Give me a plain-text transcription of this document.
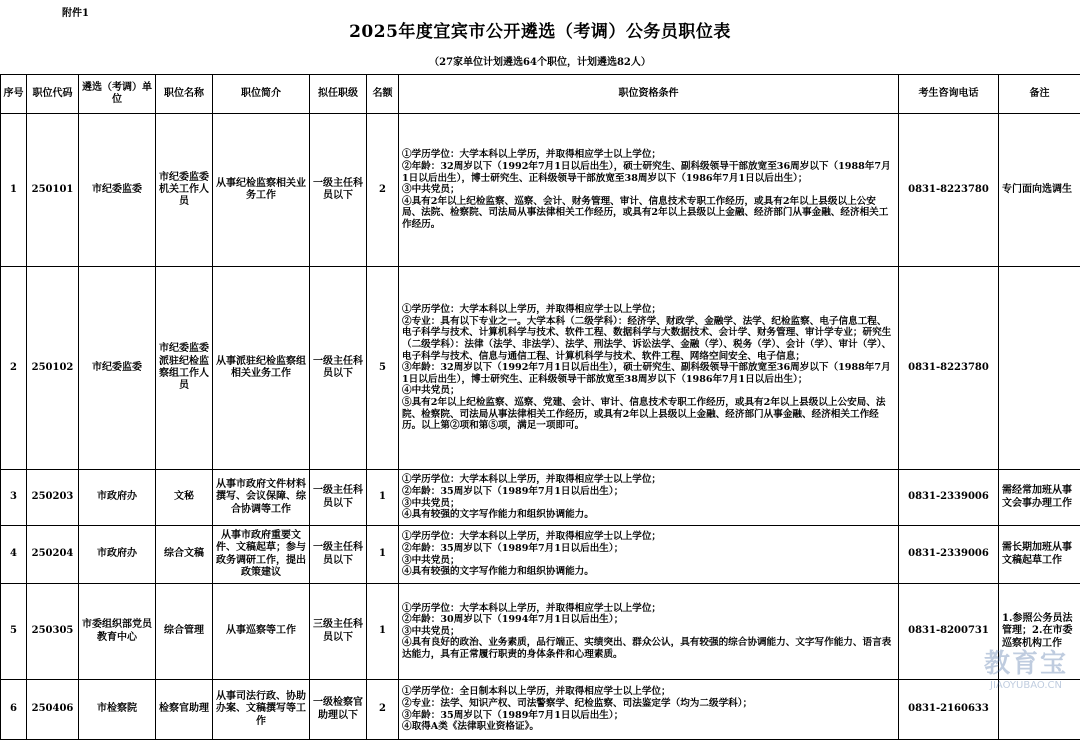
附件1
2025年度宜宾市公开遴选（考调）公务员职位表
（27家单位计划遴选64个职位，计划遴选82人）
序号	职位代码	遴选（考调）单位	职位名称	职位简介	拟任职级	名额	职位资格条件	考生咨询电话	备注
1	250101	市纪委监委	市纪委监委机关工作人员	从事纪检监察相关业务工作	一级主任科员以下	2	①学历学位：大学本科以上学历，并取得相应学士以上学位；
②年龄：32周岁以下（1992年7月1日以后出生），硕士研究生、副科级领导干部放宽至36周岁以下（1988年7月1日以后出生），博士研究生、正科级领导干部放宽至38周岁以下（1986年7月1日以后出生）；
③中共党员；
④具有2年以上纪检监察、巡察、会计、财务管理、审计、信息技术专职工作经历，或具有2年以上县级以上公安局、法院、检察院、司法局从事法律相关工作经历，或具有2年以上县级以上金融、经济部门从事金融、经济相关工作经历。	0831-8223780	专门面向选调生
2	250102	市纪委监委	市纪委监委派驻纪检监察组工作人员	从事派驻纪检监察组相关业务工作	一级主任科员以下	5	①学历学位：大学本科以上学历，并取得相应学士以上学位；
②专业：具有以下专业之一。大学本科（二级学科）：经济学、财政学、金融学、法学、纪检监察、电子信息工程、电子科学与技术、计算机科学与技术、软件工程、数据科学与大数据技术、会计学、财务管理、审计学专业；研究生（二级学科）：法律（法学、非法学）、法学、刑法学、诉讼法学、金融（学）、税务（学）、会计（学）、审计（学）、电子科学与技术、信息与通信工程、计算机科学与技术、软件工程、网络空间安全、电子信息；
③年龄：32周岁以下（1992年7月1日以后出生），硕士研究生、副科级领导干部放宽至36周岁以下（1988年7月1日以后出生），博士研究生、正科级领导干部放宽至38周岁以下（1986年7月1日以后出生）；
④中共党员；
⑤具有2年以上纪检监察、巡察、党建、会计、审计、信息技术专职工作经历，或具有2年以上县级以上公安局、法院、检察院、司法局从事法律相关工作经历，或具有2年以上县级以上金融、经济部门从事金融、经济相关工作经历。以上第②项和第⑤项，满足一项即可。	0831-8223780	
3	250203	市政府办	文秘	从事市政府文件材料撰写、会议保障、综合协调等工作	一级主任科员以下	1	①学历学位：大学本科以上学历，并取得相应学士以上学位；
②年龄：35周岁以下（1989年7月1日以后出生）；
③中共党员；
④具有较强的文字写作能力和组织协调能力。	0831-2339006	需经常加班从事文会事办理工作
4	250204	市政府办	综合文稿	从事市政府重要文件、文稿起草；参与政务调研工作，提出政策建议	一级主任科员以下	1	①学历学位：大学本科以上学历，并取得相应学士以上学位；
②年龄：35周岁以下（1989年7月1日以后出生）；
③中共党员；
④具有较强的文字写作能力和组织协调能力。	0831-2339006	需长期加班从事文稿起草工作
5	250305	市委组织部党员教育中心	综合管理	从事巡察等工作	三级主任科员以下	1	①学历学位：大学本科以上学历，并取得相应学士以上学位；
②年龄：30周岁以下（1994年7月1日以后出生）；
③中共党员；
④具有良好的政治、业务素质，品行端正、实绩突出、群众公认，具有较强的综合协调能力、文字写作能力、语言表达能力，具有正常履行职责的身体条件和心理素质。	0831-8200731	1.参照公务员法管理；2.在市委巡察机构工作
6	250406	市检察院	检察官助理	从事司法行政、协助办案、文稿撰写等工作	一级检察官助理以下	2	①学历学位：全日制本科以上学历，并取得相应学士以上学位；
②专业：法学、知识产权、司法警察学、纪检监察、司法鉴定学（均为二级学科）；
③年龄：35周岁以下（1989年7月1日以后出生）；
④取得A类《法律职业资格证》。	0831-2160633	
教育宝
JIAOYUBAO.CN
